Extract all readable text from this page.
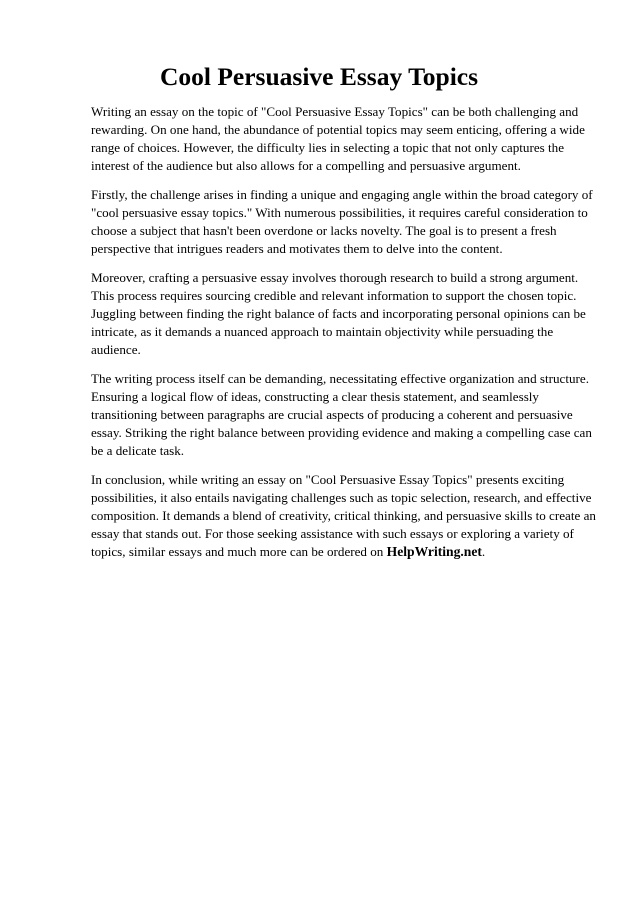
Cool Persuasive Essay Topics

Writing an essay on the topic of "Cool Persuasive Essay Topics" can be both challenging and
rewarding. On one hand, the abundance of potential topics may seem enticing, offering a wide
range of choices. However, the difficulty lies in selecting a topic that not only captures the
interest of the audience but also allows for a compelling and persuasive argument.

Firstly, the challenge arises in finding a unique and engaging angle within the broad category of
"cool persuasive essay topics." With numerous possibilities, it requires careful consideration to
choose a subject that hasn't been overdone or lacks novelty. The goal is to present a fresh
perspective that intrigues readers and motivates them to delve into the content.

Moreover, crafting a persuasive essay involves thorough research to build a strong argument.
This process requires sourcing credible and relevant information to support the chosen topic.
Juggling between finding the right balance of facts and incorporating personal opinions can be
intricate, as it demands a nuanced approach to maintain objectivity while persuading the
audience.

The writing process itself can be demanding, necessitating effective organization and structure.
Ensuring a logical flow of ideas, constructing a clear thesis statement, and seamlessly
transitioning between paragraphs are crucial aspects of producing a coherent and persuasive
essay. Striking the right balance between providing evidence and making a compelling case can
be a delicate task.

In conclusion, while writing an essay on "Cool Persuasive Essay Topics" presents exciting
possibilities, it also entails navigating challenges such as topic selection, research, and effective
composition. It demands a blend of creativity, critical thinking, and persuasive skills to create an
essay that stands out. For those seeking assistance with such essays or exploring a variety of
topics, similar essays and much more can be ordered on HelpWriting.net.
